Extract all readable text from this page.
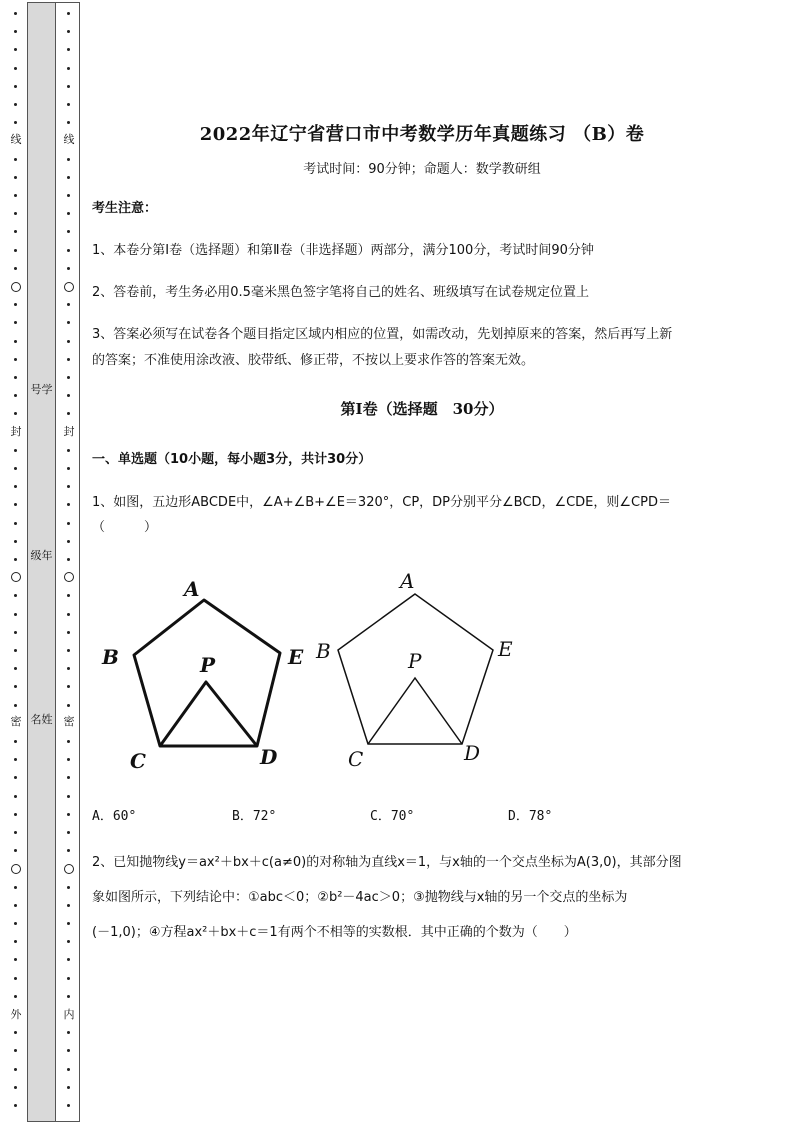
线
封
密
外
号学
级年
名姓
线
封
密
内
2022年辽宁省营口市中考数学历年真题练习 （B）卷
考试时间：90分钟；命题人：数学教研组
考生注意：
1、本卷分第I卷（选择题）和第Ⅱ卷（非选择题）两部分，满分100分，考试时间90分钟
2、答卷前，考生务必用0.5毫米黑色签字笔将自己的姓名、班级填写在试卷规定位置上
3、答案必须写在试卷各个题目指定区域内相应的位置，如需改动，先划掉原来的答案，然后再写上新
的答案；不准使用涂改液、胶带纸、修正带，不按以上要求作答的答案无效。
第I卷（选择题　30分）
一、单选题（10小题，每小题3分，共计30分）
1、如图，五边形ABCDE中，∠A+∠B+∠E＝320°，CP，DP分别平分∠BCD，∠CDE，则∠CPD＝
（　　　）
2、已知抛物线y＝ax²＋bx＋c(a≠0)的对称轴为直线x＝1，与x轴的一个交点坐标为A(3,0)，其部分图
象如图所示，下列结论中：①abc＜0；②b²－4ac＞0；③抛物线与x轴的另一个交点的坐标为
(－1,0)；④方程ax²＋bx＋c＝1有两个不相等的实数根．其中正确的个数为（　　）
A
B
C	D
E
P
A
B
C	D
E
P
A．60°	B．72°	C．70°	D．78°
